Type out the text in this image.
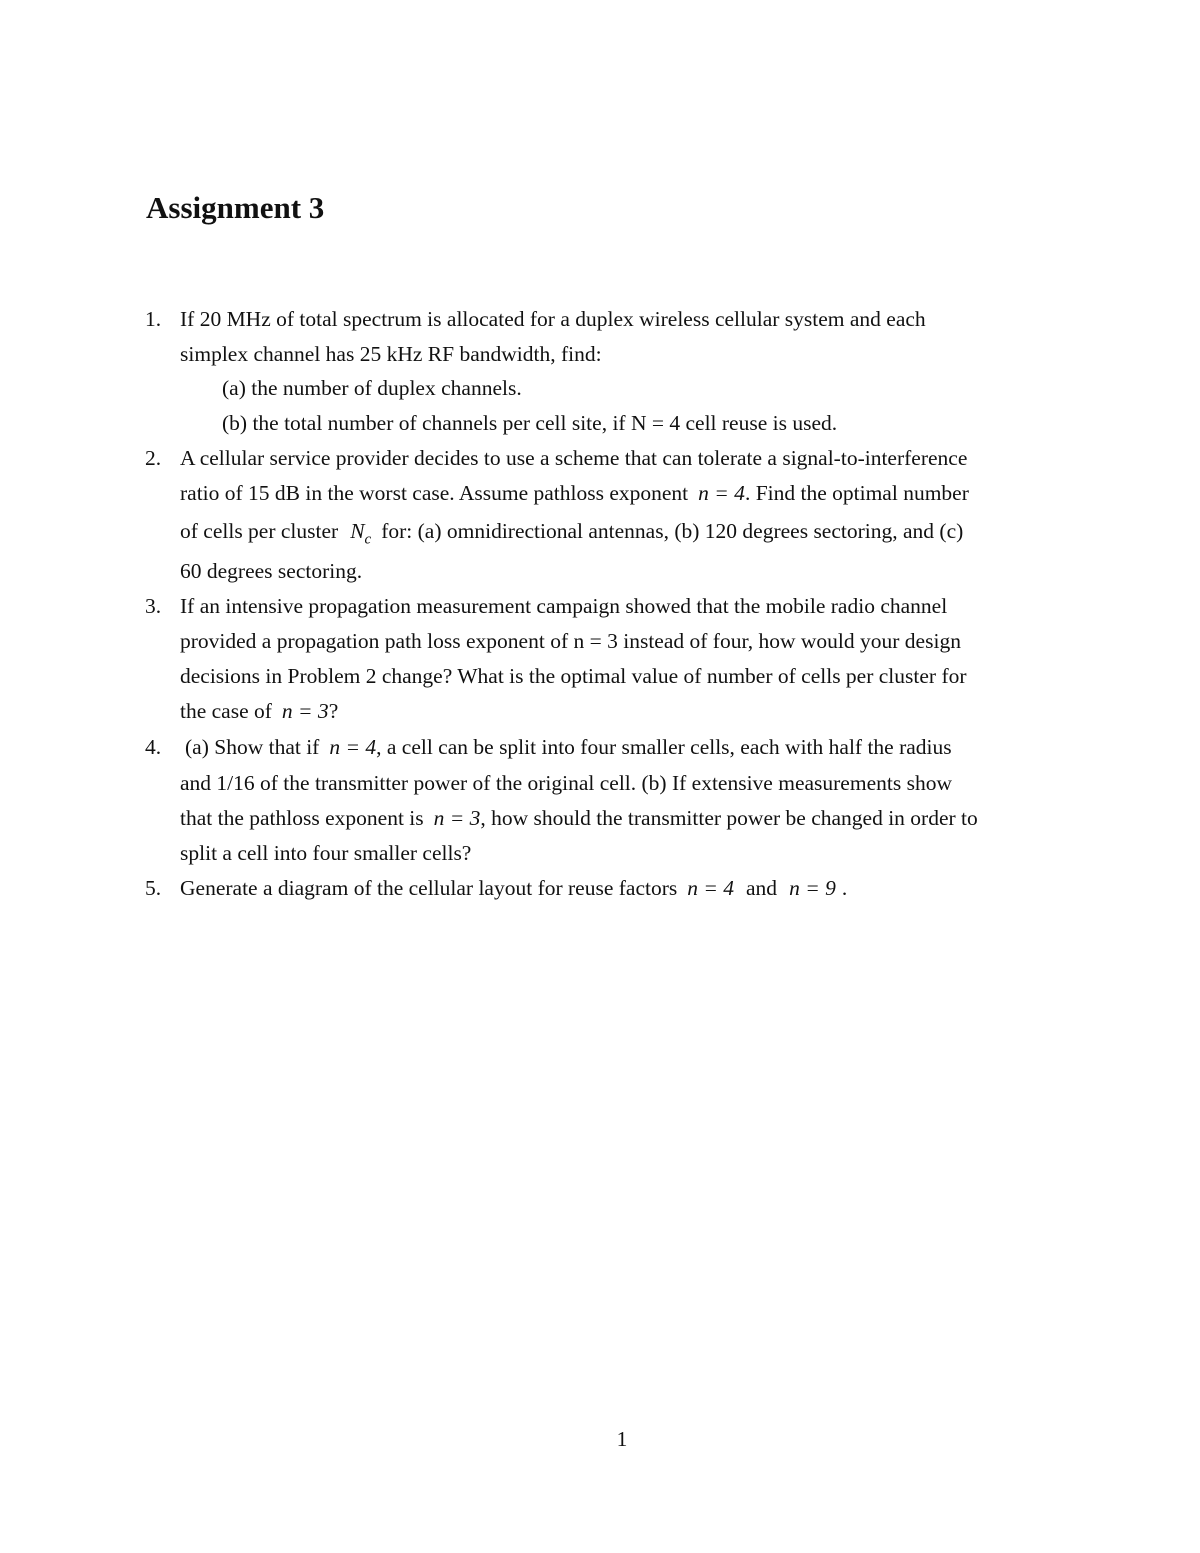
Assignment 3
1. If 20 MHz of total spectrum is allocated for a duplex wireless cellular system and each
simplex channel has 25 kHz RF bandwidth, find:
(a) the number of duplex channels.
(b) the total number of channels per cell site, if N = 4 cell reuse is used.
2. A cellular service provider decides to use a scheme that can tolerate a signal-to-interference
ratio of 15 dB in the worst case. Assume pathloss exponent n = 4. Find the optimal number
of cells per cluster $N_c$ for: (a) omnidirectional antennas, (b) 120 degrees sectoring, and (c)
60 degrees sectoring.
3. If an intensive propagation measurement campaign showed that the mobile radio channel
provided a propagation path loss exponent of n = 3 instead of four, how would your design
decisions in Problem 2 change? What is the optimal value of number of cells per cluster for
the case of n = 3?
4. (a) Show that if n = 4, a cell can be split into four smaller cells, each with half the radius
and 1/16 of the transmitter power of the original cell. (b) If extensive measurements show
that the pathloss exponent is n = 3, how should the transmitter power be changed in order to
split a cell into four smaller cells?
5. Generate a diagram of the cellular layout for reuse factors n = 4 and n = 9 .
1
